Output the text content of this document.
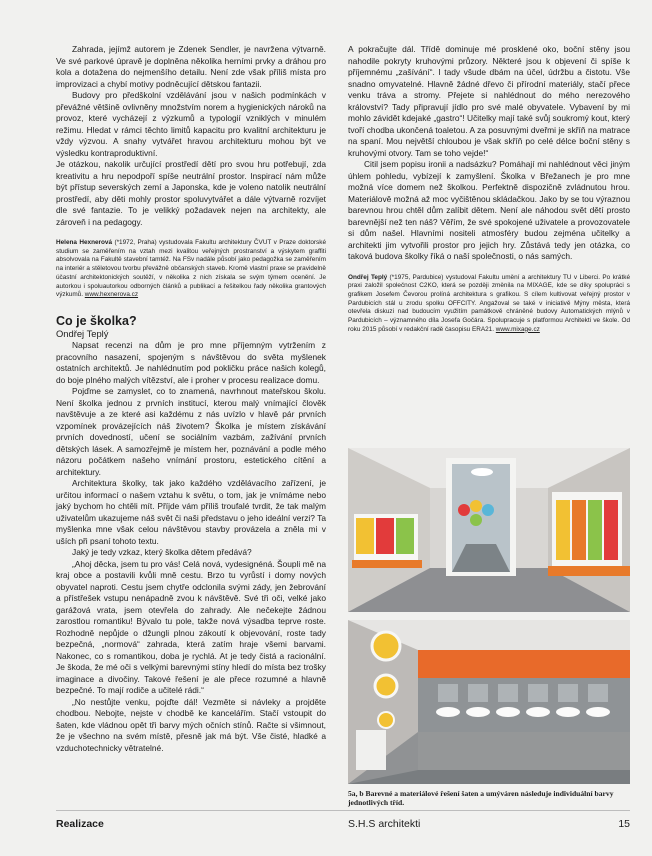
Zahrada, jejímž autorem je Zdenek Sendler, je navržena výtvarně. Ve své parkové úpravě je doplněna několika herními prvky a dráhou pro kola a dotažena do nejmenšího detailu. Není zde však příliš místa pro improvizaci a chybí motivy podněcující dětskou fantazii.

Budovy pro předškolní vzdělávání jsou v našich podmínkách v převážné většině ovlivněny množstvím norem a hygienických nároků na provoz, které vycházejí z výzkumů a typologií vzniklých v minulém režimu. Hledat v rámci těchto limitů kapacitu pro kvalitní architekturu je vždy výzvou. A snahy vytvářet hravou architekturu mohou být ve výsledku kontraproduktivní.

Je otázkou, nakolik určující prostředí dětí pro svou hru potřebují, zda kreativitu a hru nepodpoří spíše neutrální prostor. Inspirací nám může být přístup severských zemí a Japonska, kde je voleno natolik neutrální prostředí, aby děti mohly prostor spoluvytvářet a dále výtvarně rozvíjet dle své fantazie. To je velikký požadavek nejen na architekty, ale zároveň i na pedagogy.

Helena Hexnerová (*1972, Praha) vystudovala Fakultu architektury ČVUT v Praze doktorské studium se zaměřením na vztah mezi kvalitou veřejných prostranství a výskytem graffiti absolvovala na Fakultě stavební tamtéž. Na FSv nadále působí jako pedagožka se zaměřením na interiér a stěletovou tvorbu převážně občanských staveb. Kromě vlastní praxe se pravidelně účastní architektonických soutěží, v několika z nich získala se svým týmem ocenění. Je autorkou i spoluautorkou odborných článků a publikací a řešitelkou řady několika grantových výzkumů. www.hexnerova.cz

Co je školka?

Ondřej Teplý

Napsat recenzi na dům je pro mne příjemným vytržením z pracovního nasazení, spojeným s návštěvou do světa myšlenek ostatních architektů. Je nahlédnutím pod pokličku práce našich kolegů, do boje plného malých vítězství, ale i proher v procesu realizace domu.

Pojďme se zamyslet, co to znamená, navrhnout mateřskou školu. Není školka jednou z prvních institucí, kterou malý vnímající člověk navštěvuje a ze které asi každému z nás uvízlo v hlavě pár prvních vzpomínek provázejících náš životem? Školka je místem získávání prvních dovedností, učení se sociálním vazbám, zažívání prvních dětských lásek. A samozřejmě je místem her, poznávání a podle mého názoru počátkem našeho vnímání prostoru, estetického cítění a architektury.

Architektura školky, tak jako každého vzdělávacího zařízení, je určitou informací o našem vztahu k světu, o tom, jak je vnímáme nebo jaký bychom ho chtěli mít. Příjde vám příliš troufalé tvrdit, že tak malým uživatelům ukazujeme náš svět či naši představu o jeho ideální verzi? Ta myšlenka mne však celou návštěvou stavby provázela a zněla mi v uších při psaní tohoto textu.

Jaký je tedy vzkaz, který školka dětem předává?

„Ahoj děcka, jsem tu pro vás! Celá nová, vydesignéná. Šoupli mě na kraj obce a postavili kvůli mně cestu. Brzo tu vyrůstí i domy nových obyvatel naproti. Cestu jsem chytře odclonila svými zády, jen žebrování a přístřešek vstupu nenápadně zvou k návštěvě. Své tři oči, velké jako garážová vrata, jsem otevřela do zahrady. Ale nečekejte žádnou zarostlou romantiku! Bývalo tu pole, takže nová výsadba teprve roste. Rozhodně nepůjde o džungli plnou zákoutí k objevování, roste tady bezpečná, „normová“ zahrada, která zatím hraje všemi barvami. Nakonec, co s romantikou, doba je rychlá. At je tedy čistá a racionální. Je škoda, že mé oči s velkými barevnými stíny hledí do místa bez trošky imaginace a divočiny. Takové řešení je ale přece rozumné a hlavně bezpečné. To mají rodiče a učitelé rádi.“

„No nestůjte venku, pojďte dál! Vezměte si návleky a projděte chodbou. Nebojte, nejste v chodbě ke kancelářím. Stačí vstoupit do šaten, kde vládnou opět tři barvy mých očních stínů. Račte si všimnout, že je všechno na svém místě, přesně jak má být. Vše čisté, hladké a vzduchotechnicky větratelné.

A pokračujte dál. Třídě dominuje mé prosklené oko, boční stěny jsou nahodile pokryty kruhovými průzory. Některé jsou k objevení či spíše k příjemnému „zašívání“. I tady všude dbám na účel, údržbu a čistotu. Vše snadno omyvatelné. Hlavně žádné dřevo či přírodní materiály, stačí přece venku tráva a stromy. Přejete si nahlédnout do mého nerezového království? Tady připravují jídlo pro své malé obyvatele. Vybavení by mi mohlo závidět kdejaké „gastro“! Učitelky mají také svůj soukromý kout, který tvoří chodba ukončená toaletou. A za posuvnými dveřmi je skříň na matrace na spaní. Mou největší chloubou je však skříň po celé délce boční stěny s kruhovými otvory. Tam se toho vejde!“

Citil jsem popisu ironii a nadsázku? Pomáhají mi nahlédnout věci jiným úhlem pohledu, vybízejí k zamyšlení. Školka v Břežanech je pro mne možná více domem než školkou. Perfektně dispozičně zvládnutou hrou. Materiálově možná až moc vyčištěnou skládačkou. Jako by se tou výraznou barevnou hrou chtěl dům zalíbit dětem. Není ale náhodou svět dětí prosto barevnější než ten náš? Věřím, že své spokojené uživatele a provozovatele si dům našel. Hlavními nositeli atmosféry budou zejména učitelky a architekti jim vytvořili prostor pro jejich hry. Zůstává tedy jen otázka, co taková budova školky říká o naší společnosti, o nás samých.

Ondřej Teplý (*1975, Pardubice) vystudoval Fakultu umění a architektury TU v Liberci. Po krátké praxi založil společnost C2KO, která se později změnila na MIXAGE, kde se díky spolupráci s grafikem Josefem Čevorou prolíná architektura s grafikou. S cílem kultivovat veřejný prostor v Pardubicích stál u zrodu spolku OFFCITY. Angažoval se také v iniciativě Mýny města, která otevřela diskuzi nad budoucím využitím památkově chráněné budovy Automatických mlýnů v Pardubicích – významného díla Josefa Gočára. Spolupracuje s platformou Architekti ve škole. Od roku 2015 působí v redakční radě časopisu ERA21. www.mixage.cz

5a, b Barevné a materiálové řešení šaten a umýváren následuje individuální barvy jednotlivých tříd.
Realizace	S.H.S architekti	15
